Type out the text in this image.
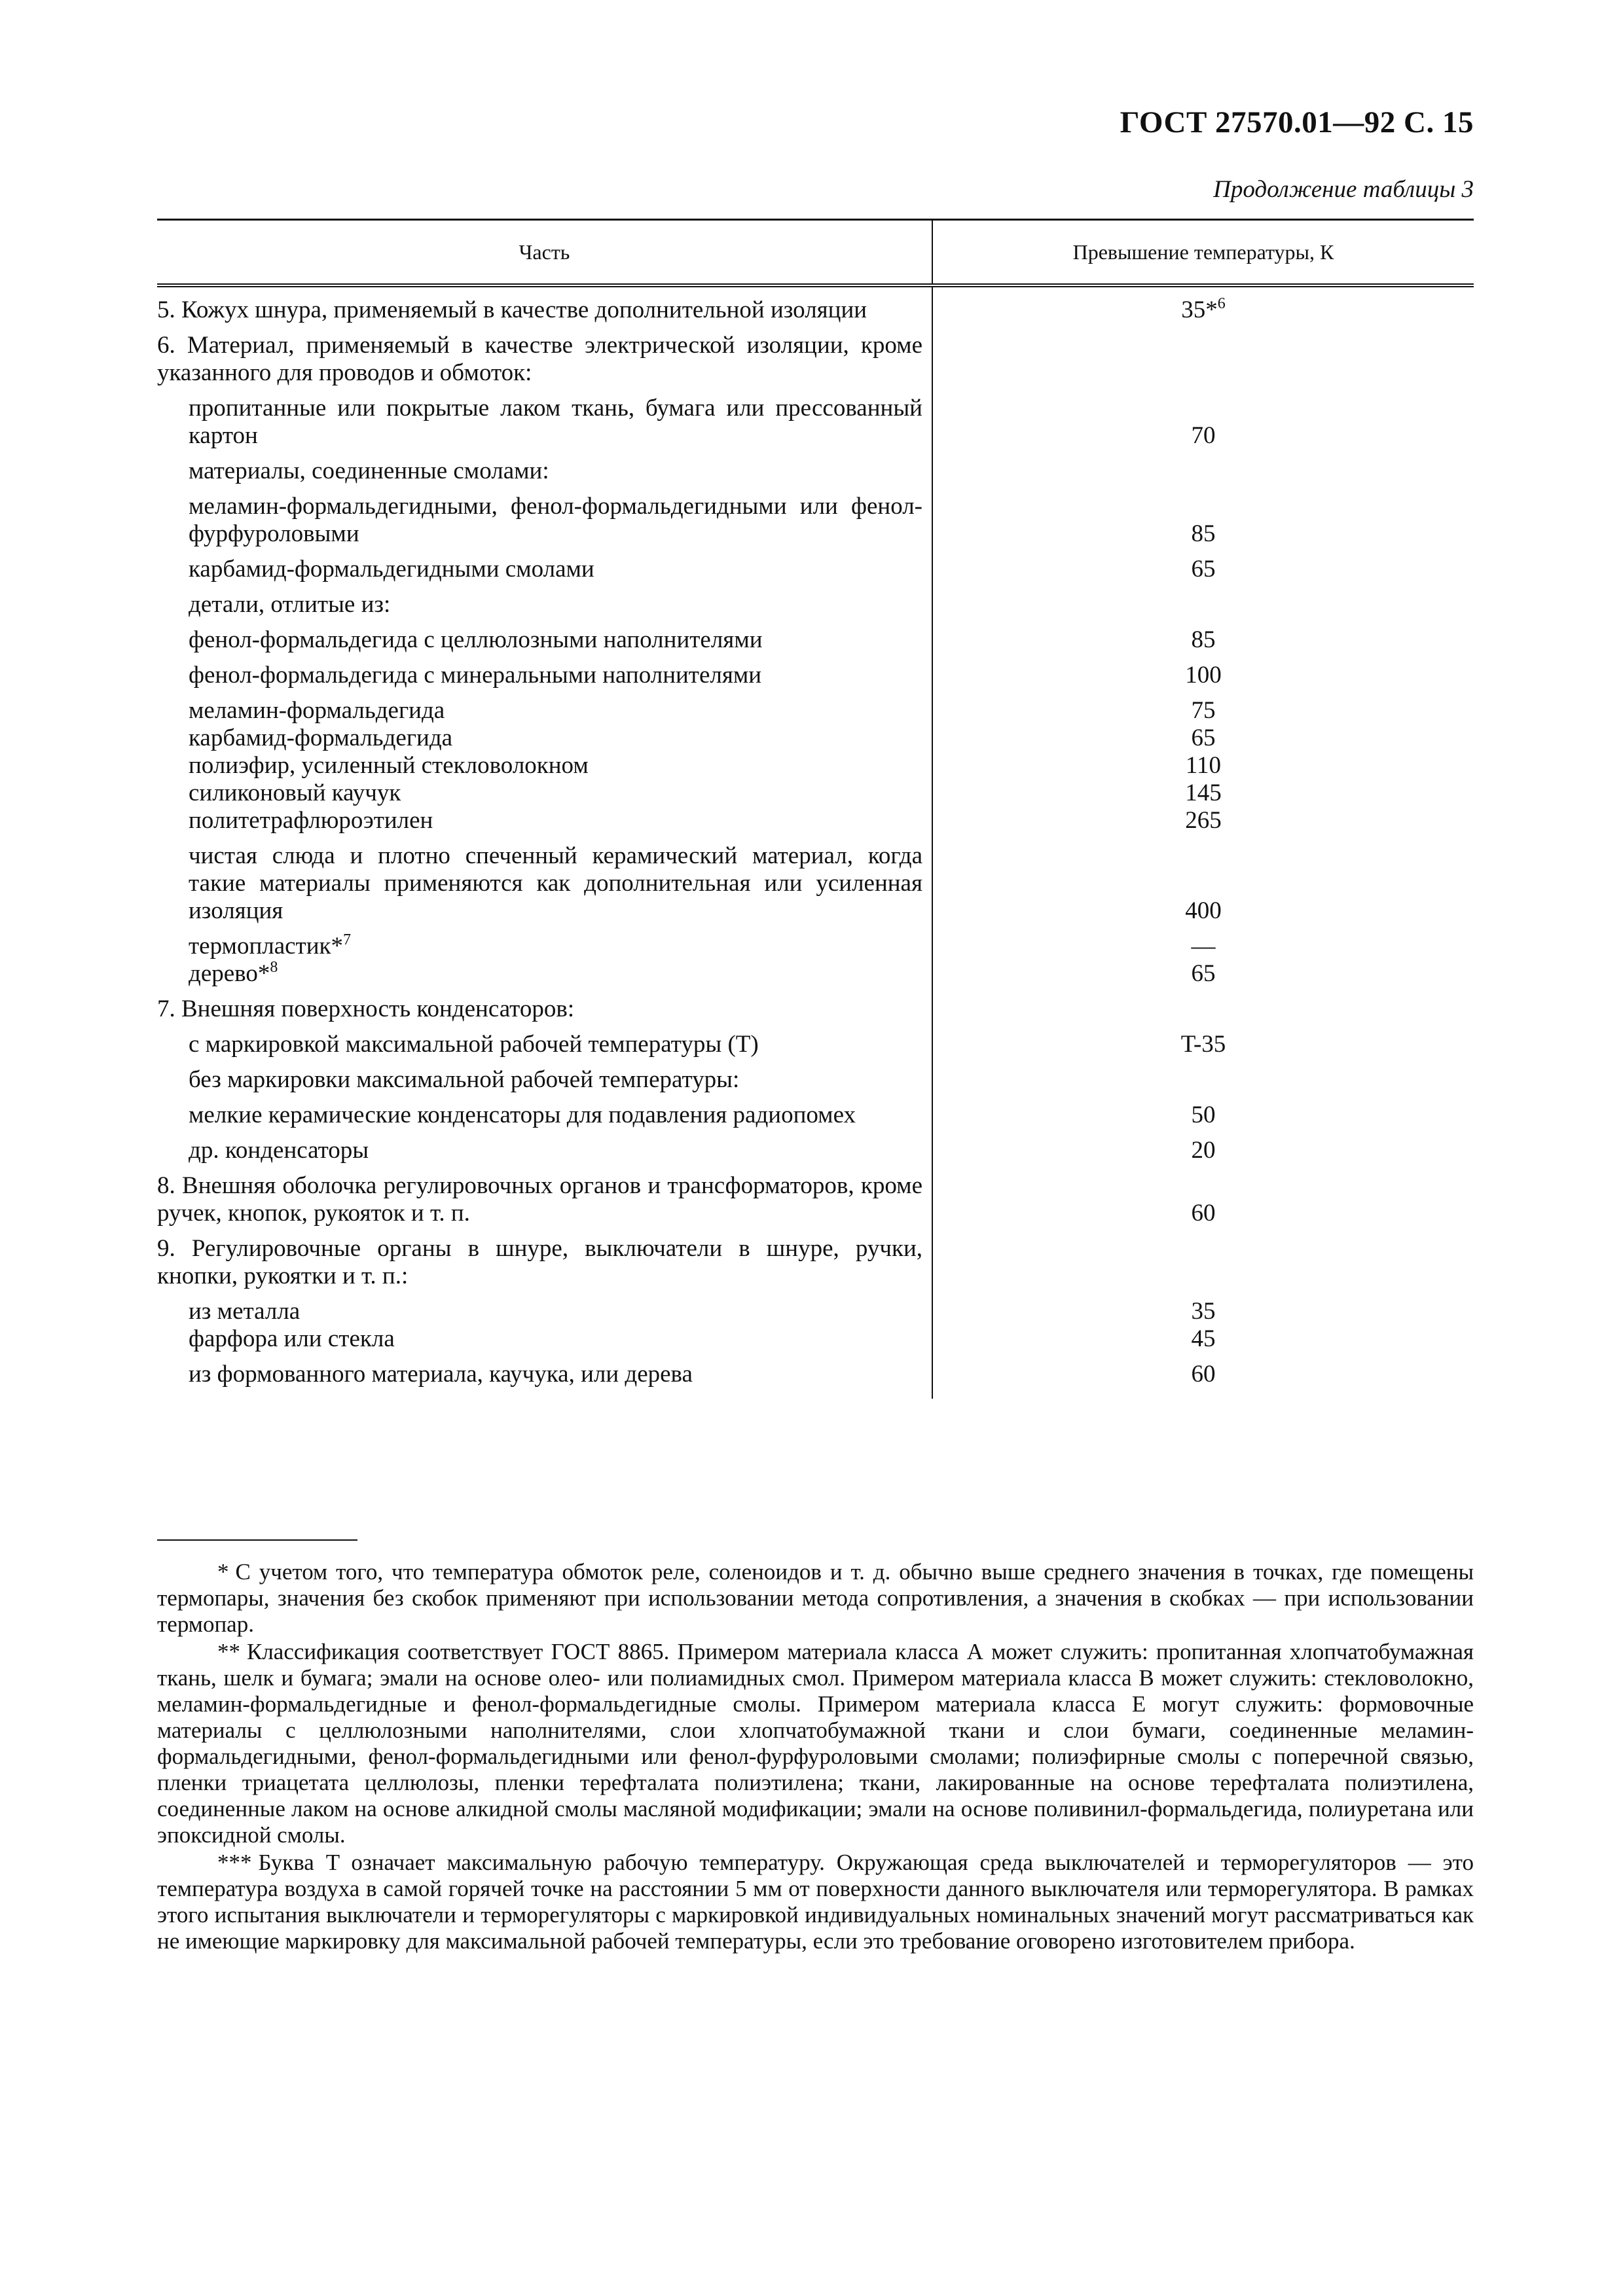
ГОСТ 27570.01—92 С. 15
Продолжение таблицы 3
Часть	Превышение температуры, К
5. Кожух шнура, применяемый в качестве дополнительной изоляции	35*$^6$
6. Материал, применяемый в качестве электрической изоляции, кроме указанного для проводов и обмоток:	
пропитанные или покрытые лаком ткань, бумага или прессованный картон	70
материалы, соединенные смолами:	
меламин-формальдегидными, фенол-формальдегидными или фенол-фурфуроловыми	85
карбамид-формальдегидными смолами	65
детали, отлитые из:	
фенол-формальдегида с целлюлозными наполнителями	85
фенол-формальдегида с минеральными наполнителями	100
меламин-формальдегида	75
карбамид-формальдегида	65
полиэфир, усиленный стекловолокном	110
силиконовый каучук	145
политетрафлюроэтилен	265
чистая слюда и плотно спеченный керамический материал, когда такие материалы применяются как дополнительная или усиленная изоляция	400
термопластик*$^7$	—
дерево*$^8$	65
7. Внешняя поверхность конденсаторов:	
с маркировкой максимальной рабочей температуры (T)	T-35
без маркировки максимальной рабочей температуры:	
мелкие керамические конденсаторы для подавления радиопомех	50
др. конденсаторы	20
8. Внешняя оболочка регулировочных органов и трансформаторов, кроме ручек, кнопок, рукояток и т. п.	60
9. Регулировочные органы в шнуре, выключатели в шнуре, ручки, кнопки, рукоятки и т. п.:	
из металла	35
фарфора или стекла	45
из формованного материала, каучука, или дерева	60

* С учетом того, что температура обмоток реле, соленоидов и т. д. обычно выше среднего значения в точках, где помещены термопары, значения без скобок применяют при использовании метода сопротивления, а значения в скобках — при использовании термопар.

** Классификация соответствует ГОСТ 8865. Примером материала класса А может служить: пропитанная хлопчатобумажная ткань, шелк и бумага; эмали на основе олео- или полиамидных смол. Примером материала класса В может служить: стекловолокно, меламин-формальдегидные и фенол-формальдегидные смолы. Примером материала класса Е могут служить: формовочные материалы с целлюлозными наполнителями, слои хлопчатобумажной ткани и слои бумаги, соединенные меламин-формальдегидными, фенол-формальдегидными или фенол-фурфуроловыми смолами; полиэфирные смолы с поперечной связью, пленки триацетата целлюлозы, пленки терефталата полиэтилена; ткани, лакированные на основе терефталата полиэтилена, соединенные лаком на основе алкидной смолы масляной модификации; эмали на основе поливинил-формальдегида, полиуретана или эпоксидной смолы.

*** Буква T означает максимальную рабочую температуру. Окружающая среда выключателей и терморегуляторов — это температура воздуха в самой горячей точке на расстоянии 5 мм от поверхности данного выключателя или терморегулятора. В рамках этого испытания выключатели и терморегуляторы с маркировкой индивидуальных номинальных значений могут рассматриваться как не имеющие маркировку для максимальной рабочей температуры, если это требование оговорено изготовителем прибора.
